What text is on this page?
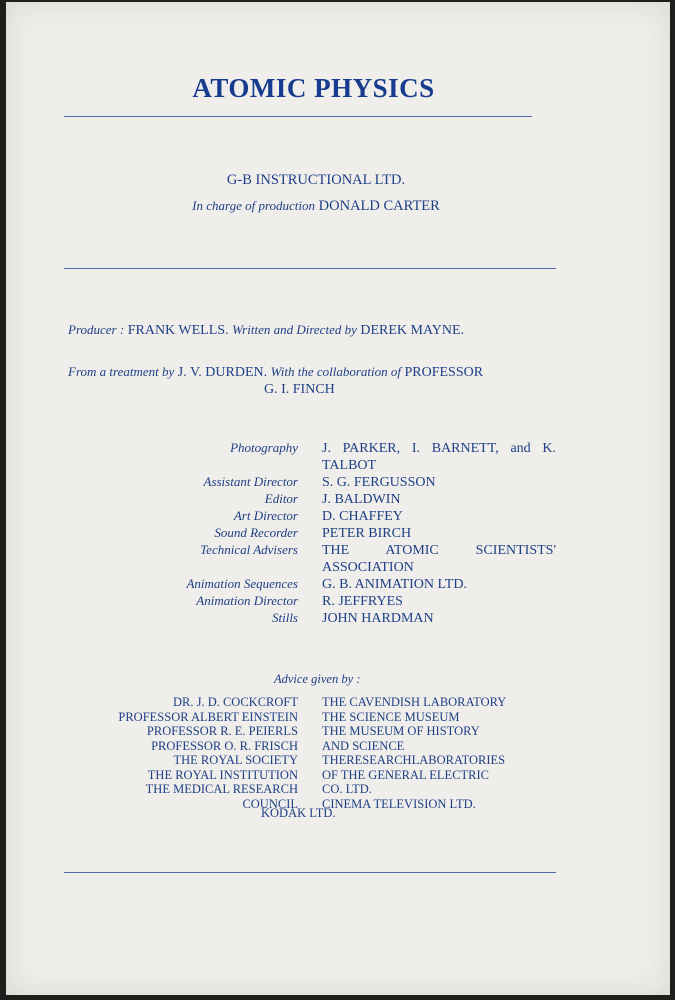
ATOMIC PHYSICS
G-B INSTRUCTIONAL LTD.
In charge of production DONALD CARTER
Producer : FRANK WELLS. Written and Directed by DEREK MAYNE.
From a treatment by J. V. DURDEN. With the collaboration of PROFESSOR
G. I. FINCH
Photography J. PARKER, I. BARNETT, and K. TALBOT
Assistant Director S. G. FERGUSSON
Editor J. BALDWIN
Art Director D. CHAFFEY
Sound Recorder PETER BIRCH
Technical Advisers THE ATOMIC SCIENTISTS' ASSOCIATION
Animation Sequences G. B. ANIMATION LTD.
Animation Director R. JEFFRYES
Stills JOHN HARDMAN
Advice given by :
DR. J. D. COCKCROFT
PROFESSOR ALBERT EINSTEIN
PROFESSOR R. E. PEIERLS
PROFESSOR O. R. FRISCH
THE ROYAL SOCIETY
THE ROYAL INSTITUTION
THE MEDICAL RESEARCH
COUNCIL
THE CAVENDISH LABORATORY
THE SCIENCE MUSEUM
THE MUSEUM OF HISTORY
AND SCIENCE
THERESEARCHLABORATORIES
OF THE GENERAL ELECTRIC
CO. LTD.
CINEMA TELEVISION LTD.
KODAK LTD.
